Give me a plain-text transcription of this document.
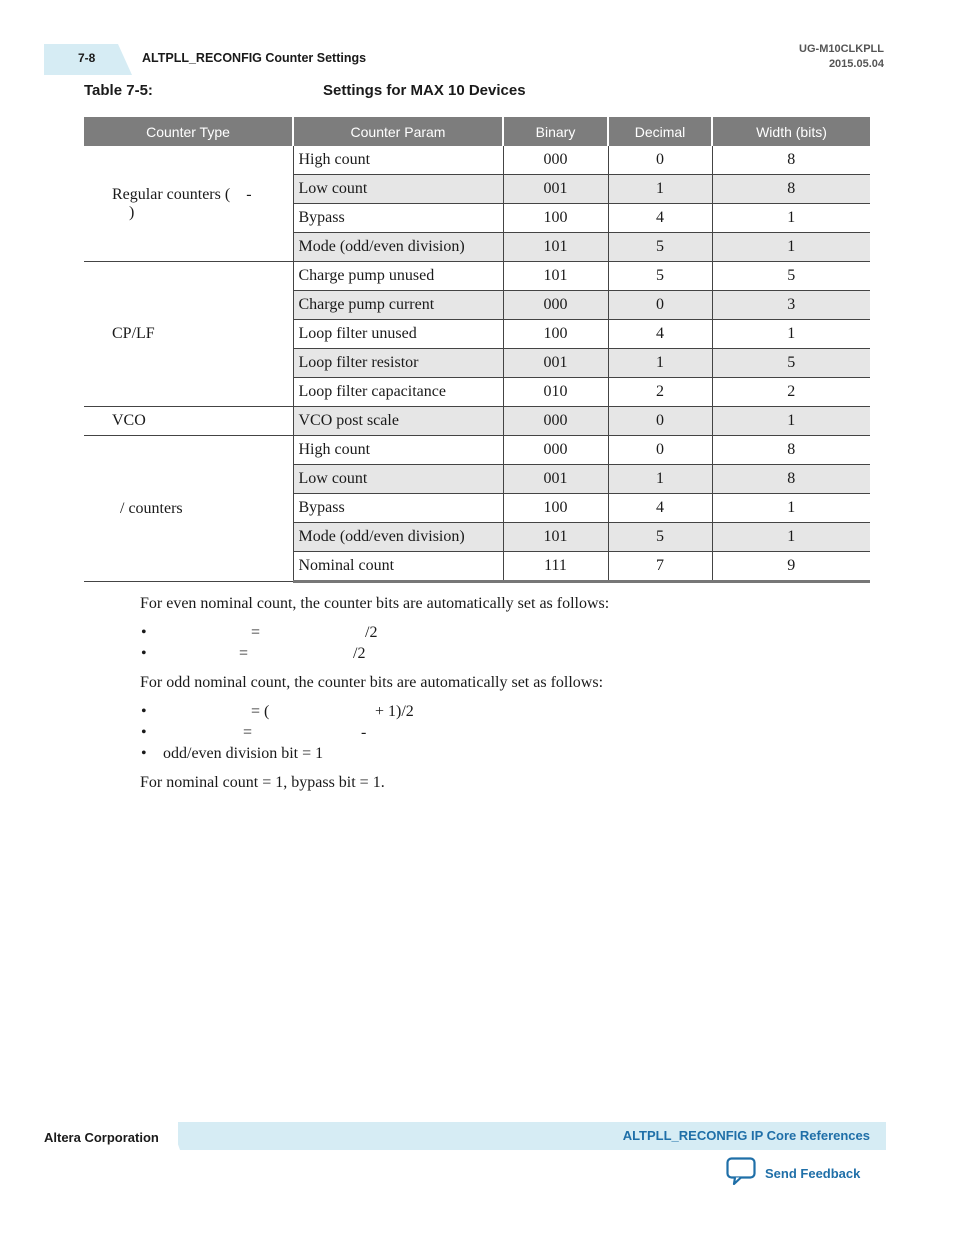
7-8	ALTPLL_RECONFIG Counter Settings
UG-M10CLKPLL
2015.05.04
Table 7-5:	Settings for MAX 10 Devices
Counter Type	Counter Param	Binary	Decimal	Width (bits)
Regular counters ( -
)	High count	000	0	8
	Low count	001	1	8
	Bypass	100	4	1
	Mode (odd/even division)	101	5	1
CP/LF	Charge pump unused	101	5	5
	Charge pump current	000	0	3
	Loop filter unused	100	4	1
	Loop filter resistor	001	1	5
	Loop filter capacitance	010	2	2
VCO	VCO post scale	000	0	1
/ counters	High count	000	0	8
	Low count	001	1	8
	Bypass	100	4	1
	Mode (odd/even division)	101	5	1
	Nominal count	111	7	9
For even nominal count, the counter bits are automatically set as follows:
•	=	/2
•	=	/2
For odd nominal count, the counter bits are automatically set as follows:
•	= (	+ 1)/2
•	=	-
• odd/even division bit = 1
For nominal count = 1, bypass bit = 1.
Altera Corporation	ALTPLL_RECONFIG IP Core References
Send Feedback
